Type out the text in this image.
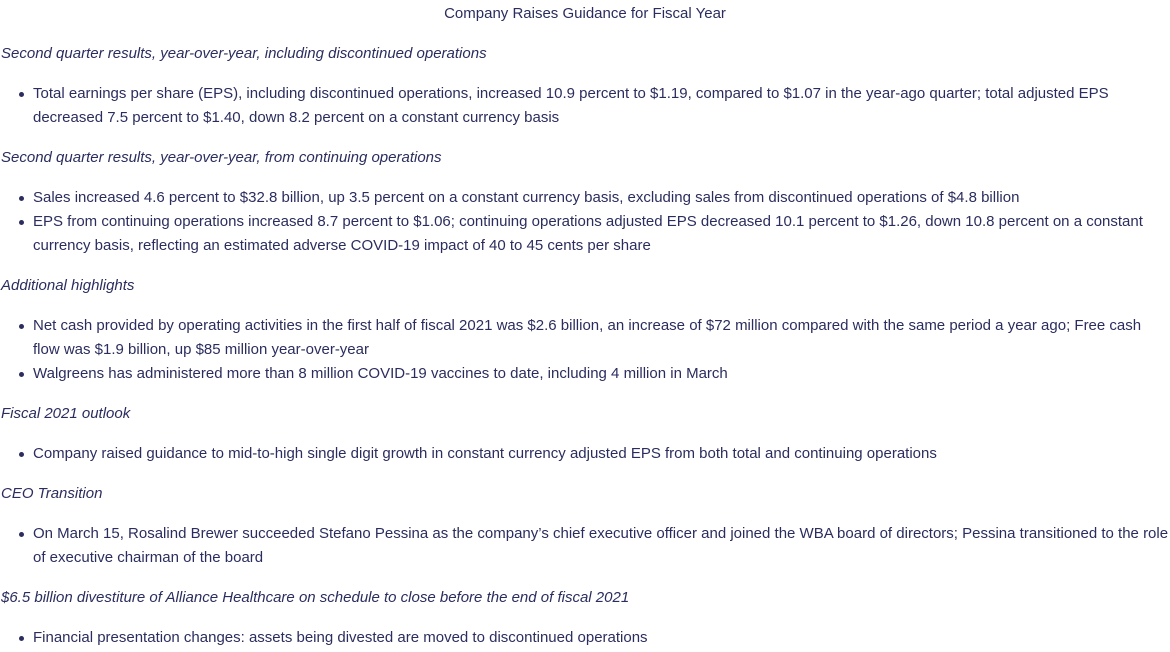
Company Raises Guidance for Fiscal Year

Second quarter results, year-over-year, including discontinued operations

Total earnings per share (EPS), including discontinued operations, increased 10.9 percent to $1.19, compared to $1.07 in the year-ago quarter; total adjusted EPS decreased 7.5 percent to $1.40, down 8.2 percent on a constant currency basis

Second quarter results, year-over-year, from continuing operations

Sales increased 4.6 percent to $32.8 billion, up 3.5 percent on a constant currency basis, excluding sales from discontinued operations of $4.8 billion
EPS from continuing operations increased 8.7 percent to $1.06; continuing operations adjusted EPS decreased 10.1 percent to $1.26, down 10.8 percent on a constant currency basis, reflecting an estimated adverse COVID-19 impact of 40 to 45 cents per share

Additional highlights

Net cash provided by operating activities in the first half of fiscal 2021 was $2.6 billion, an increase of $72 million compared with the same period a year ago; Free cash flow was $1.9 billion, up $85 million year-over-year
Walgreens has administered more than 8 million COVID-19 vaccines to date, including 4 million in March

Fiscal 2021 outlook

Company raised guidance to mid-to-high single digit growth in constant currency adjusted EPS from both total and continuing operations

CEO Transition

On March 15, Rosalind Brewer succeeded Stefano Pessina as the company’s chief executive officer and joined the WBA board of directors; Pessina transitioned to the role of executive chairman of the board

$6.5 billion divestiture of Alliance Healthcare on schedule to close before the end of fiscal 2021

Financial presentation changes: assets being divested are moved to discontinued operations
